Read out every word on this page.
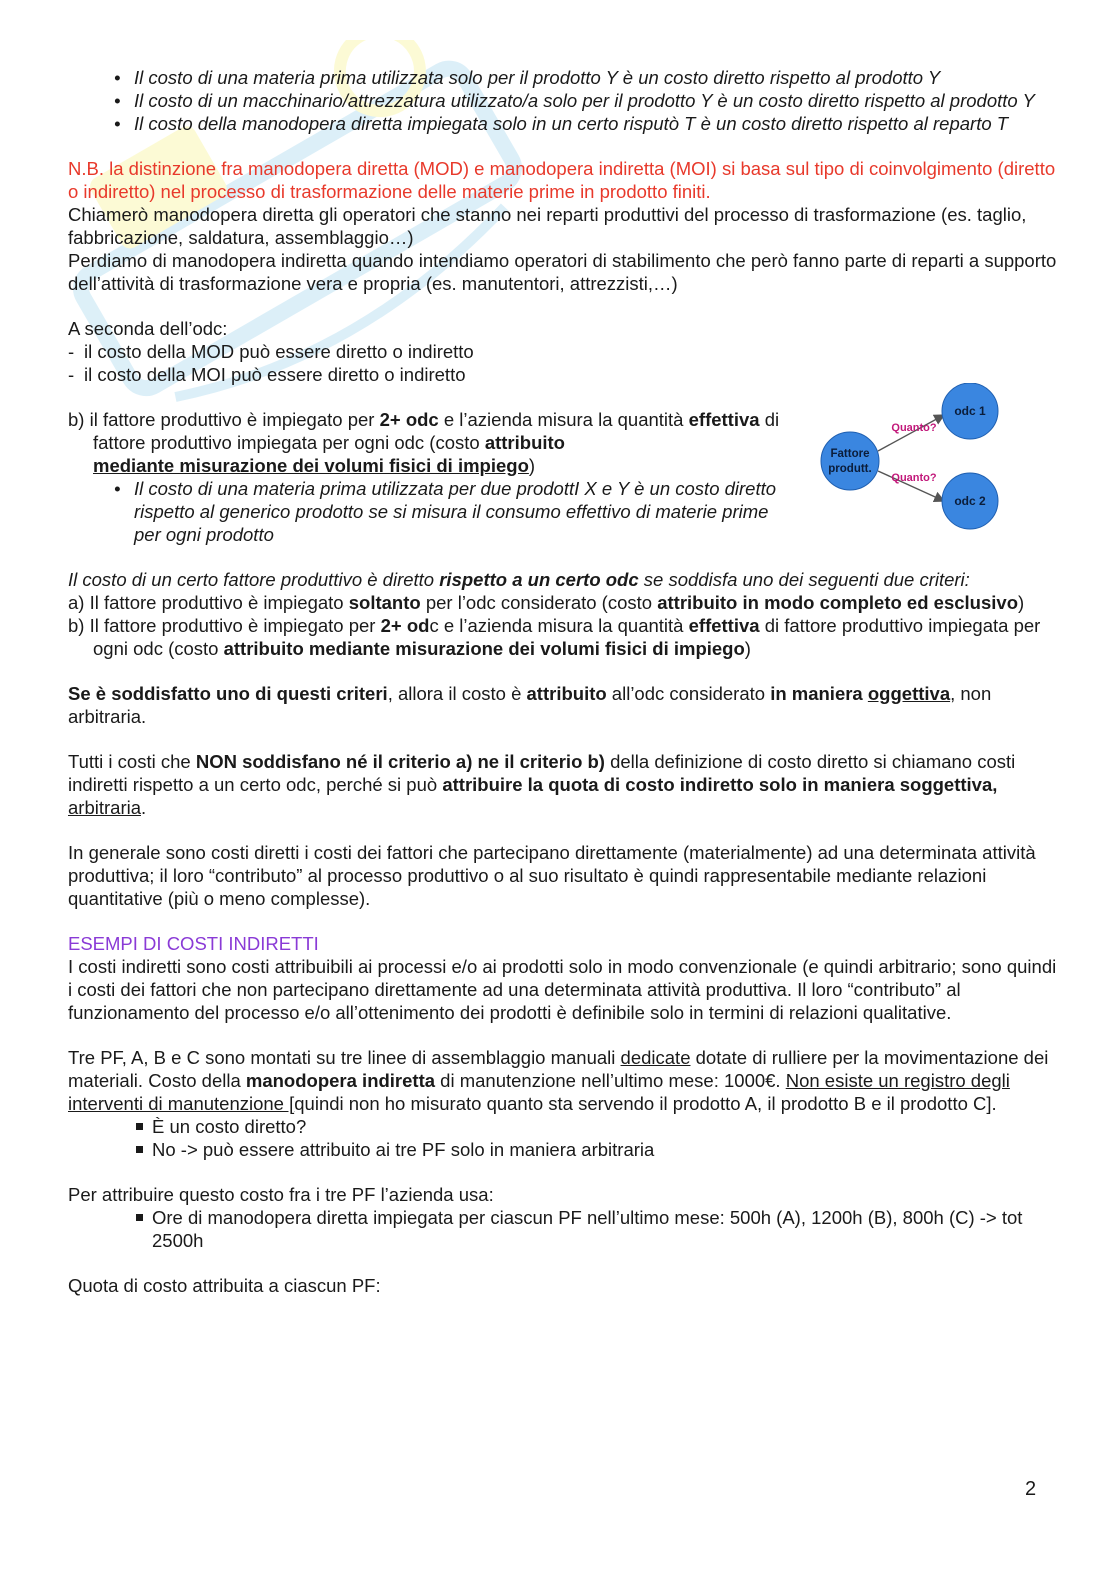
• Il costo di una materia prima utilizzata solo per il prodotto Y è un costo diretto rispetto al prodotto Y
• Il costo di un macchinario/attrezzatura utilizzato/a solo per il prodotto Y è un costo diretto rispetto al prodotto Y
• Il costo della manodopera diretta impiegata solo in un certo risputò T è un costo diretto rispetto al reparto T

N.B. la distinzione fra manodopera diretta (MOD) e manodopera indiretta (MOI) si basa sul tipo di coinvolgimento (diretto o indiretto) nel processo di trasformazione delle materie prime in prodotto finiti.

Chiamerò manodopera diretta gli operatori che stanno nei reparti produttivi del processo di trasformazione (es. taglio, fabbricazione, saldatura, assemblaggio…)

Perdiamo di manodopera indiretta quando intendiamo operatori di stabilimento che però fanno parte di reparti a supporto dell’attività di trasformazione vera e propria (es. manutentori, attrezzisti,…)

A seconda dell’odc:

- il costo della MOD può essere diretto o indiretto

- il costo della MOI può essere diretto o indiretto

b) il fattore produttivo è impiegato per 2+ odc e l’azienda misura la quantità effettiva di fattore produttivo impiegata per ogni odc (costo attribuito
mediante misurazione dei volumi fisici di impiego)

• Il costo di una materia prima utilizzata per due prodottI X e Y è un costo diretto rispetto al generico prodotto se si misura il consumo effettivo di materie prime per ogni prodotto
Fattore
produtt.
odc 1
odc 2
Quanto?
Quanto?

Il costo di un certo fattore produttivo è diretto rispetto a un certo odc se soddisfa uno dei seguenti due criteri:

a) Il fattore produttivo è impiegato soltanto per l’odc considerato (costo attribuito in modo completo ed esclusivo)

b) Il fattore produttivo è impiegato per 2+ odc e l’azienda misura la quantità effettiva di fattore produttivo impiegata per ogni odc (costo attribuito mediante misurazione dei volumi fisici di impiego)

Se è soddisfatto uno di questi criteri, allora il costo è attribuito all’odc considerato in maniera oggettiva, non arbitraria.

Tutti i costi che NON soddisfano né il criterio a) ne il criterio b) della definizione di costo diretto si chiamano costi indiretti rispetto a un certo odc, perché si può attribuire la quota di costo indiretto solo in maniera soggettiva, arbitraria.

In generale sono costi diretti i costi dei fattori che partecipano direttamente (materialmente) ad una determinata attività produttiva; il loro “contributo” al processo produttivo o al suo risultato è quindi rappresentabile mediante relazioni quantitative (più o meno complesse).

ESEMPI DI COSTI INDIRETTI

I costi indiretti sono costi attribuibili ai processi e/o ai prodotti solo in modo convenzionale (e quindi arbitrario; sono quindi i costi dei fattori che non partecipano direttamente ad una determinata attività produttiva. Il loro “contributo” al funzionamento del processo e/o all’ottenimento dei prodotti è definibile solo in termini di relazioni qualitative.

Tre PF, A, B e C sono montati su tre linee di assemblaggio manuali dedicate dotate di rulliere per la movimentazione dei materiali. Costo della manodopera indiretta di manutenzione nell’ultimo mese: 1000€. Non esiste un registro degli interventi di manutenzione [quindi non ho misurato quanto sta servendo il prodotto A, il prodotto B e il prodotto C].

È un costo diretto?
No -> può essere attribuito ai tre PF solo in maniera arbitraria

Per attribuire questo costo fra i tre PF l’azienda usa:

Ore di manodopera diretta impiegata per ciascun PF nell’ultimo mese: 500h (A), 1200h (B), 800h (C) -> tot 2500h

Quota di costo attribuita a ciascun PF:

2
